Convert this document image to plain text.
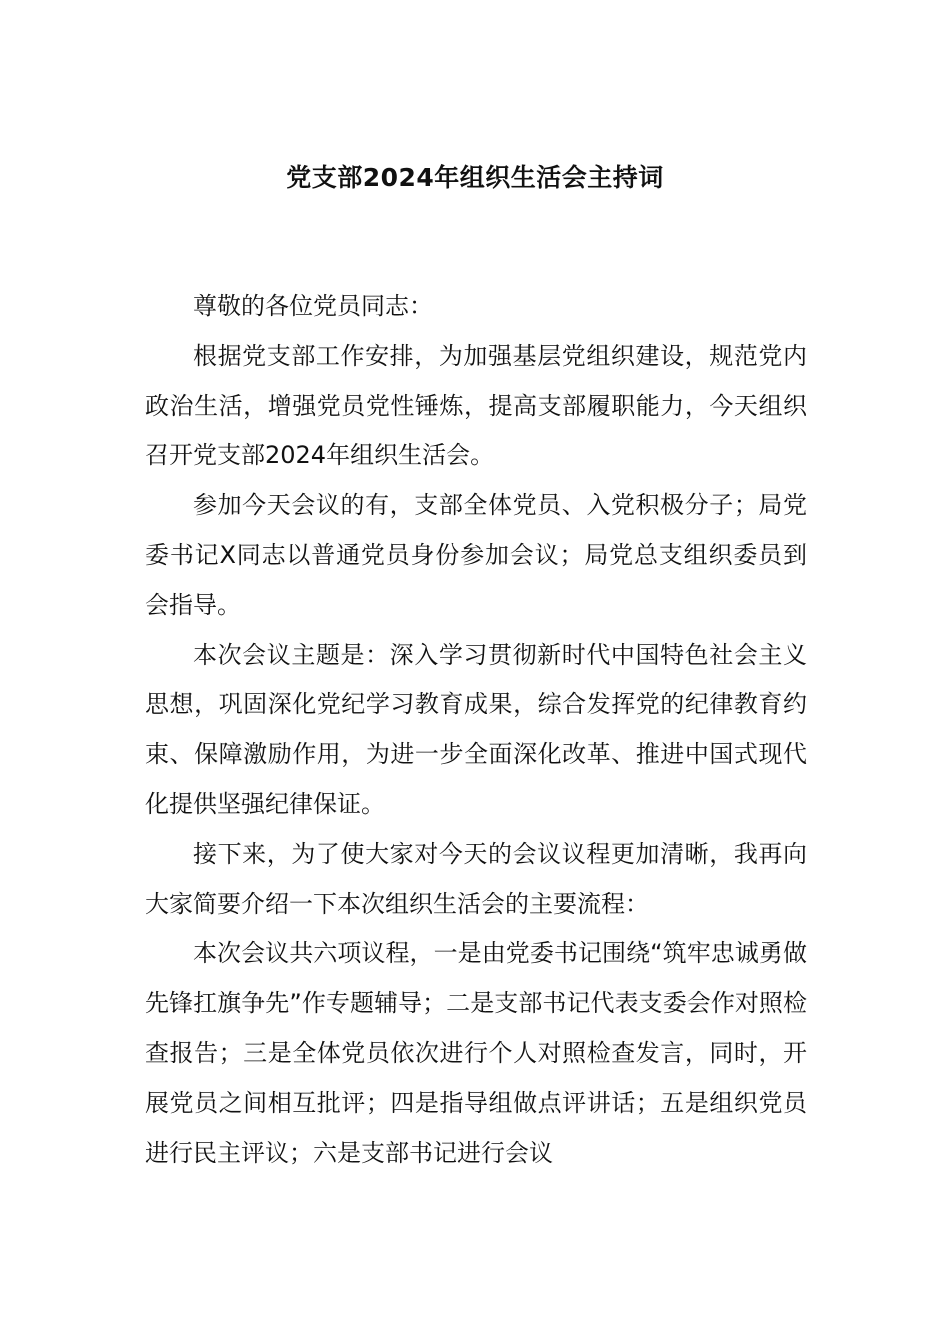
党支部2024年组织生活会主持词

尊敬的各位党员同志：

根据党支部工作安排，为加强基层党组织建设，规范党内政治生活，增强党员党性锤炼，提高支部履职能力，今天组织召开党支部2024年组织生活会。

参加今天会议的有，支部全体党员、入党积极分子；局党委书记X同志以普通党员身份参加会议；局党总支组织委员到会指导。

本次会议主题是：深入学习贯彻新时代中国特色社会主义思想，巩固深化党纪学习教育成果，综合发挥党的纪律教育约束、保障激励作用，为进一步全面深化改革、推进中国式现代化提供坚强纪律保证。

接下来，为了使大家对今天的会议议程更加清晰，我再向大家简要介绍一下本次组织生活会的主要流程：

本次会议共六项议程，一是由党委书记围绕“筑牢忠诚勇做先锋扛旗争先”作专题辅导；二是支部书记代表支委会作对照检查报告；三是全体党员依次进行个人对照检查发言，同时，开展党员之间相互批评；四是指导组做点评讲话；五是组织党员进行民主评议；六是支部书记进行会议
